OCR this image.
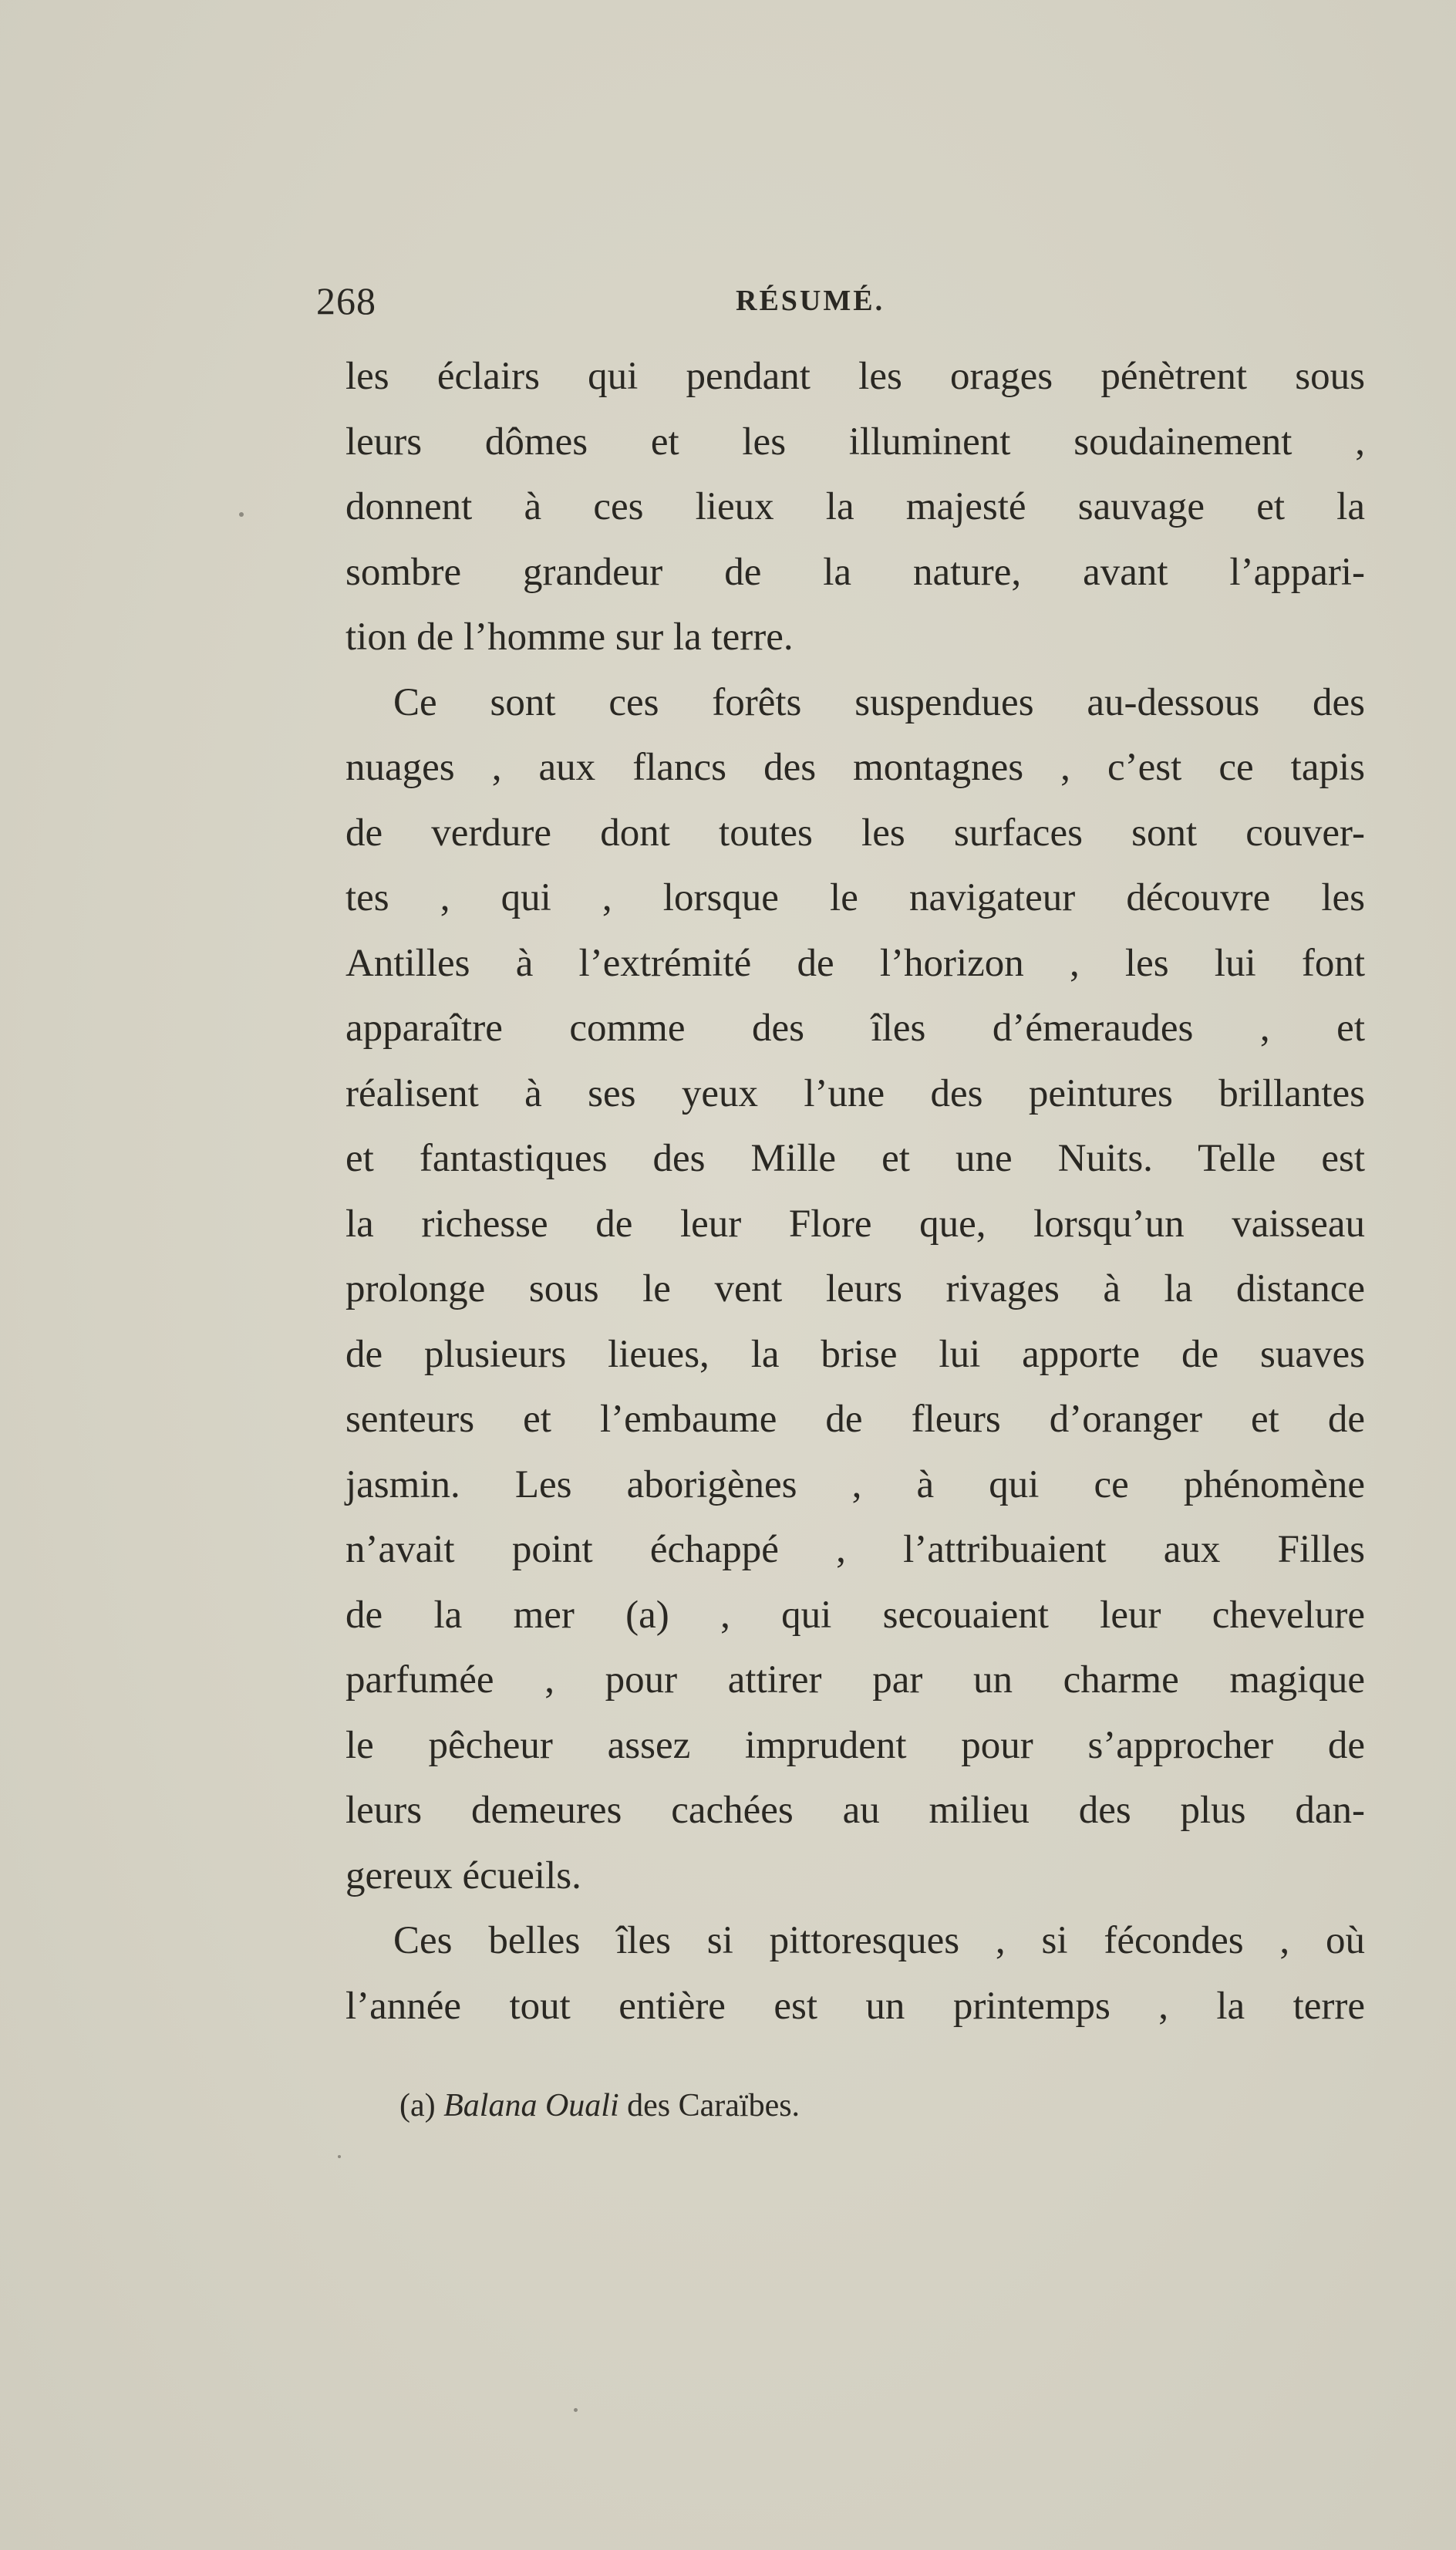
268	RÉSUMÉ.
les éclairs qui pendant les orages pénètrent sous
leurs dômes et les illuminent soudainement ,
donnent à ces lieux la majesté sauvage et la
sombre grandeur de la nature, avant l’appari-
tion de l’homme sur la terre.
Ce sont ces forêts suspendues au-dessous des
nuages , aux flancs des montagnes , c’est ce tapis
de verdure dont toutes les surfaces sont couver-
tes , qui , lorsque le navigateur découvre les
Antilles à l’extrémité de l’horizon , les lui font
apparaître comme des îles d’émeraudes , et
réalisent à ses yeux l’une des peintures brillantes
et fantastiques des Mille et une Nuits. Telle est
la richesse de leur Flore que, lorsqu’un vaisseau
prolonge sous le vent leurs rivages à la distance
de plusieurs lieues, la brise lui apporte de suaves
senteurs et l’embaume de fleurs d’oranger et de
jasmin. Les aborigènes , à qui ce phénomène
n’avait point échappé , l’attribuaient aux Filles
de la mer (a) , qui secouaient leur chevelure
parfumée , pour attirer par un charme magique
le pêcheur assez imprudent pour s’approcher de
leurs demeures cachées au milieu des plus dan-
gereux écueils.
Ces belles îles si pittoresques , si fécondes , où
l’année tout entière est un printemps , la terre
(a) Balana Ouali des Caraïbes.
